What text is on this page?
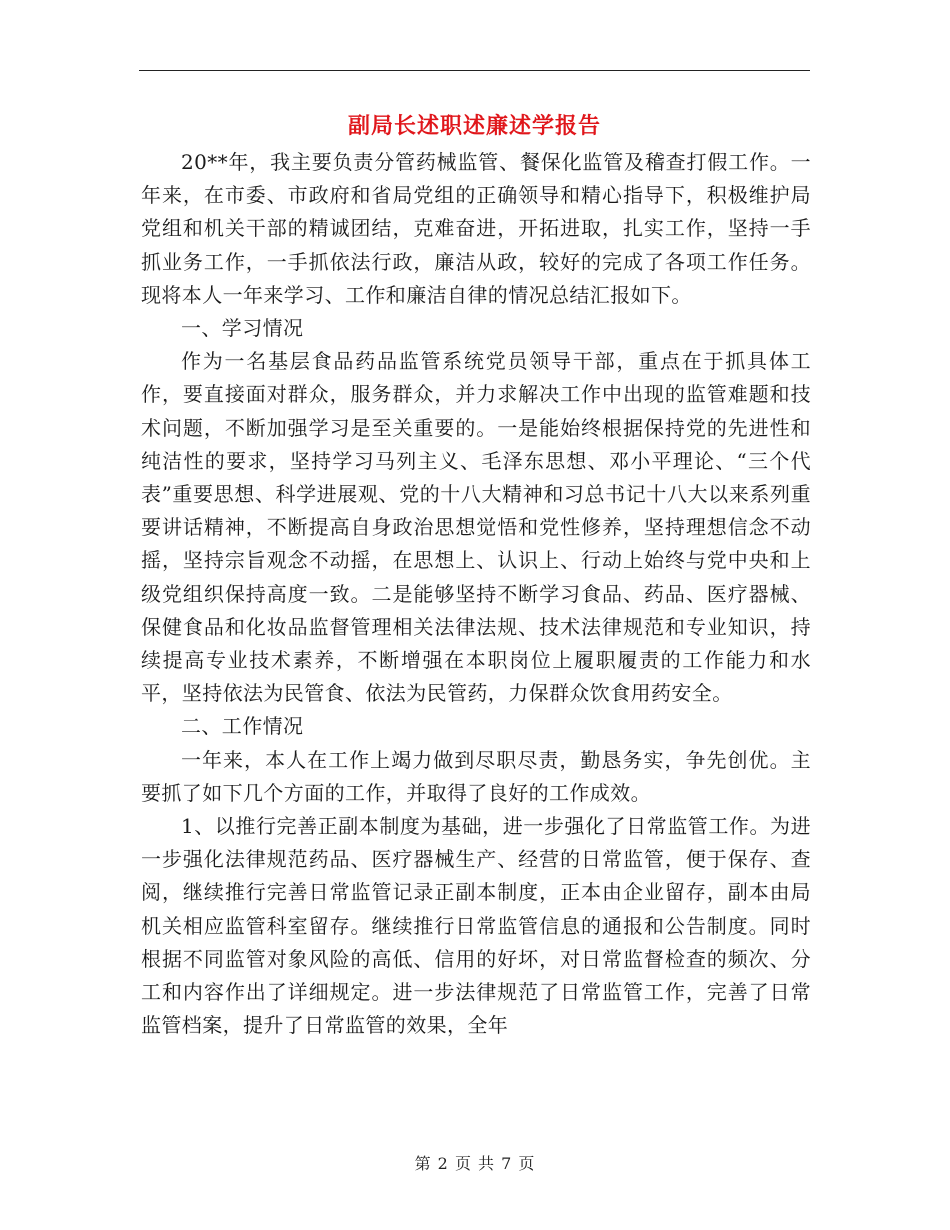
副局长述职述廉述学报告

20**年，我主要负责分管药械监管、餐保化监管及稽查打假工作。一年来，在市委、市政府和省局党组的正确领导和精心指导下，积极维护局党组和机关干部的精诚团结，克难奋进，开拓进取，扎实工作，坚持一手抓业务工作，一手抓依法行政，廉洁从政，较好的完成了各项工作任务。现将本人一年来学习、工作和廉洁自律的情况总结汇报如下。

一、学习情况

作为一名基层食品药品监管系统党员领导干部，重点在于抓具体工作，要直接面对群众，服务群众，并力求解决工作中出现的监管难题和技术问题，不断加强学习是至关重要的。一是能始终根据保持党的先进性和纯洁性的要求，坚持学习马列主义、毛泽东思想、邓小平理论、“三个代表”重要思想、科学进展观、党的十八大精神和习总书记十八大以来系列重要讲话精神，不断提高自身政治思想觉悟和党性修养，坚持理想信念不动摇，坚持宗旨观念不动摇，在思想上、认识上、行动上始终与党中央和上级党组织保持高度一致。二是能够坚持不断学习食品、药品、医疗器械、保健食品和化妆品监督管理相关法律法规、技术法律规范和专业知识，持续提高专业技术素养，不断增强在本职岗位上履职履责的工作能力和水平，坚持依法为民管食、依法为民管药，力保群众饮食用药安全。

二、工作情况

一年来，本人在工作上竭力做到尽职尽责，勤恳务实，争先创优。主要抓了如下几个方面的工作，并取得了良好的工作成效。

1、以推行完善正副本制度为基础，进一步强化了日常监管工作。为进一步强化法律规范药品、医疗器械生产、经营的日常监管，便于保存、查阅，继续推行完善日常监管记录正副本制度，正本由企业留存，副本由局机关相应监管科室留存。继续推行日常监管信息的通报和公告制度。同时根据不同监管对象风险的高低、信用的好坏，对日常监督检查的频次、分工和内容作出了详细规定。进一步法律规范了日常监管工作，完善了日常监管档案，提升了日常监管的效果，全年

第 2 页 共 7 页
